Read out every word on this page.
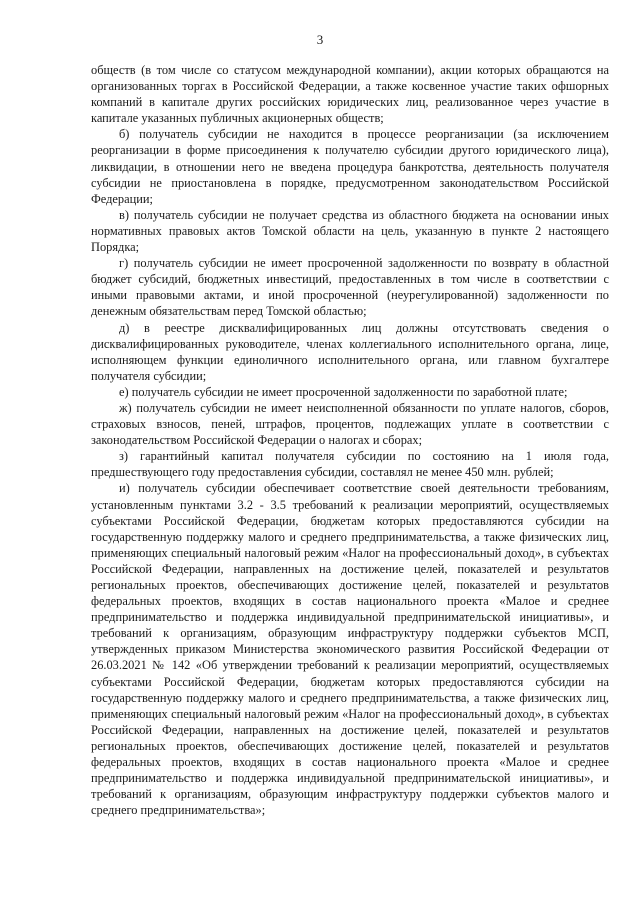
3

обществ (в том числе со статусом международной компании), акции которых обращаются на организованных торгах в Российской Федерации, а также косвенное участие таких офшорных компаний в капитале других российских юридических лиц, реализованное через участие в капитале указанных публичных акционерных обществ;

б) получатель субсидии не находится в процессе реорганизации (за исключением реорганизации в форме присоединения к получателю субсидии другого юридического лица), ликвидации, в отношении него не введена процедура банкротства, деятельность получателя субсидии не приостановлена в порядке, предусмотренном законодательством Российской Федерации;

в) получатель субсидии не получает средства из областного бюджета на основании иных нормативных правовых актов Томской области на цель, указанную в пункте 2 настоящего Порядка;

г) получатель субсидии не имеет просроченной задолженности по возврату в областной бюджет субсидий, бюджетных инвестиций, предоставленных в том числе в соответствии с иными правовыми актами, и иной просроченной (неурегулированной) задолженности по денежным обязательствам перед Томской областью;

д) в реестре дисквалифицированных лиц должны отсутствовать сведения о дисквалифицированных руководителе, членах коллегиального исполнительного органа, лице, исполняющем функции единоличного исполнительного органа, или главном бухгалтере получателя субсидии;

е) получатель субсидии не имеет просроченной задолженности по заработной плате;

ж) получатель субсидии не имеет неисполненной обязанности по уплате налогов, сборов, страховых взносов, пеней, штрафов, процентов, подлежащих уплате в соответствии с законодательством Российской Федерации о налогах и сборах;

з) гарантийный капитал получателя субсидии по состоянию на 1 июля года, предшествующего году предоставления субсидии, составлял не менее 450 млн. рублей;

и) получатель субсидии обеспечивает соответствие своей деятельности требованиям, установленным пунктами 3.2 - 3.5 требований к реализации мероприятий, осуществляемых субъектами Российской Федерации, бюджетам которых предоставляются субсидии на государственную поддержку малого и среднего предпринимательства, а также физических лиц, применяющих специальный налоговый режим «Налог на профессиональный доход», в субъектах Российской Федерации, направленных на достижение целей, показателей и результатов региональных проектов, обеспечивающих достижение целей, показателей и результатов федеральных проектов, входящих в состав национального проекта «Малое и среднее предпринимательство и поддержка индивидуальной предпринимательской инициативы», и требований к организациям, образующим инфраструктуру поддержки субъектов МСП, утвержденных приказом Министерства экономического развития Российской Федерации от 26.03.2021 № 142 «Об утверждении требований к реализации мероприятий, осуществляемых субъектами Российской Федерации, бюджетам которых предоставляются субсидии на государственную поддержку малого и среднего предпринимательства, а также физических лиц, применяющих специальный налоговый режим «Налог на профессиональный доход», в субъектах Российской Федерации, направленных на достижение целей, показателей и результатов региональных проектов, обеспечивающих достижение целей, показателей и результатов федеральных проектов, входящих в состав национального проекта «Малое и среднее предпринимательство и поддержка индивидуальной предпринимательской инициативы», и требований к организациям, образующим инфраструктуру поддержки субъектов малого и среднего предпринимательства»;
